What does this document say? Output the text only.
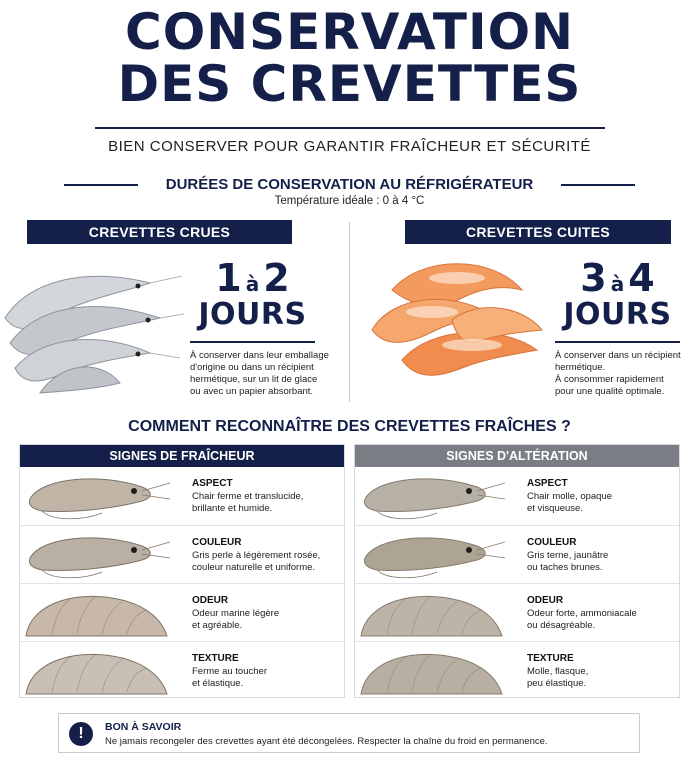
CONSERVATION
DES CREVETTES
BIEN CONSERVER POUR GARANTIR FRAÎCHEUR ET SÉCURITÉ
DURÉES DE CONSERVATION AU RÉFRIGÉRATEUR
Température idéale : 0 à 4 °C
CREVETTES CRUES
1 à 2
JOURS
À conserver dans leur emballage
d'origine ou dans un récipient
hermétique, sur un lit de glace
ou avec un papier absorbant.
CREVETTES CUITES
3 à 4
JOURS
À conserver dans un récipient
hermétique.
À consommer rapidement
pour une qualité optimale.
COMMENT RECONNAÎTRE DES CREVETTES FRAÎCHES ?
SIGNES DE FRAÎCHEUR
ASPECT
Chair ferme et translucide,
brillante et humide.
COULEUR
Gris perle à légèrement rosée,
couleur naturelle et uniforme.
ODEUR
Odeur marine légère
et agréable.
TEXTURE
Ferme au toucher
et élastique.
SIGNES D'ALTÉRATION
ASPECT
Chair molle, opaque
et visqueuse.
COULEUR
Gris terne, jaunâtre
ou taches brunes.
ODEUR
Odeur forte, ammoniacale
ou désagréable.
TEXTURE
Molle, flasque,
peu élastique.
!	BON À SAVOIR
Ne jamais recongeler des crevettes ayant été décongelées. Respecter la chaîne du froid en permanence.
